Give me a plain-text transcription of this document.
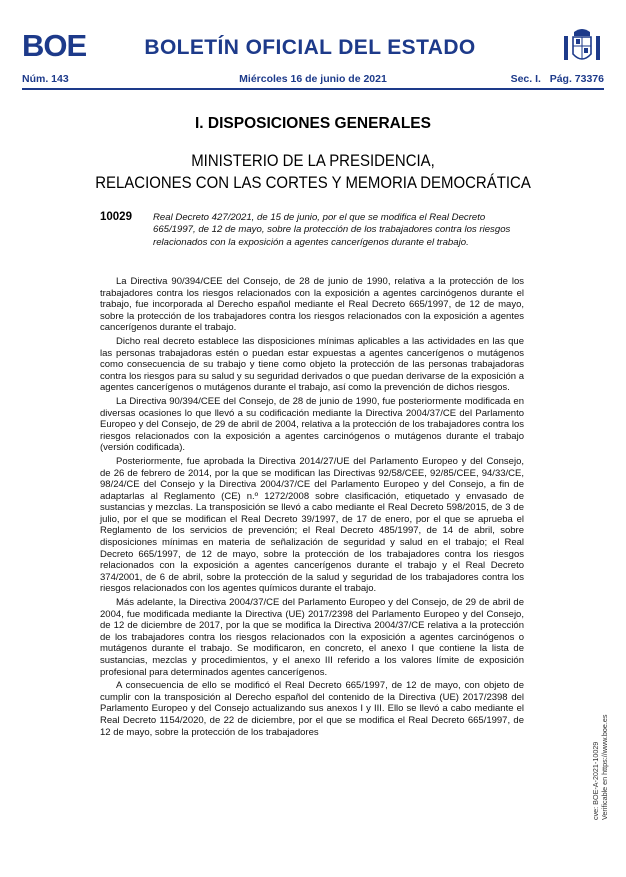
BOE	BOLETÍN OFICIAL DEL ESTADO
Miércoles 16 de junio de 2021
Núm. 143	Sec. I.   Pág. 73376
I. DISPOSICIONES GENERALES
MINISTERIO DE LA PRESIDENCIA,
RELACIONES CON LAS CORTES Y MEMORIA DEMOCRÁTICA
10029 Real Decreto 427/2021, de 15 de junio, por el que se modifica el Real Decreto 665/1997, de 12 de mayo, sobre la protección de los trabajadores contra los riesgos relacionados con la exposición a agentes cancerígenos durante el trabajo.

La Directiva 90/394/CEE del Consejo, de 28 de junio de 1990, relativa a la protección de los trabajadores contra los riesgos relacionados con la exposición a agentes carcinógenos durante el trabajo, fue incorporada al Derecho español mediante el Real Decreto 665/1997, de 12 de mayo, sobre la protección de los trabajadores contra los riesgos relacionados con la exposición a agentes cancerígenos durante el trabajo.

Dicho real decreto establece las disposiciones mínimas aplicables a las actividades en las que las personas trabajadoras estén o puedan estar expuestas a agentes cancerígenos o mutágenos como consecuencia de su trabajo y tiene como objeto la protección de las personas trabajadoras contra los riesgos para su salud y su seguridad derivados o que puedan derivarse de la exposición a agentes cancerígenos o mutágenos durante el trabajo, así como la prevención de dichos riesgos.

La Directiva 90/394/CEE del Consejo, de 28 de junio de 1990, fue posteriormente modificada en diversas ocasiones lo que llevó a su codificación mediante la Directiva 2004/37/CE del Parlamento Europeo y del Consejo, de 29 de abril de 2004, relativa a la protección de los trabajadores contra los riesgos relacionados con la exposición a agentes carcinógenos o mutágenos durante el trabajo (versión codificada).

Posteriormente, fue aprobada la Directiva 2014/27/UE del Parlamento Europeo y del Consejo, de 26 de febrero de 2014, por la que se modifican las Directivas 92/58/CEE, 92/85/CEE, 94/33/CE, 98/24/CE del Consejo y la Directiva 2004/37/CE del Parlamento Europeo y del Consejo, a fin de adaptarlas al Reglamento (CE) n.º 1272/2008 sobre clasificación, etiquetado y envasado de sustancias y mezclas. La transposición se llevó a cabo mediante el Real Decreto 598/2015, de 3 de julio, por el que se modifican el Real Decreto 39/1997, de 17 de enero, por el que se aprueba el Reglamento de los servicios de prevención; el Real Decreto 485/1997, de 14 de abril, sobre disposiciones mínimas en materia de señalización de seguridad y salud en el trabajo; el Real Decreto 665/1997, de 12 de mayo, sobre la protección de los trabajadores contra los riesgos relacionados con la exposición a agentes cancerígenos durante el trabajo y el Real Decreto 374/2001, de 6 de abril, sobre la protección de la salud y seguridad de los trabajadores contra los riesgos relacionados con los agentes químicos durante el trabajo.

Más adelante, la Directiva 2004/37/CE del Parlamento Europeo y del Consejo, de 29 de abril de 2004, fue modificada mediante la Directiva (UE) 2017/2398 del Parlamento Europeo y del Consejo, de 12 de diciembre de 2017, por la que se modifica la Directiva 2004/37/CE relativa a la protección de los trabajadores contra los riesgos relacionados con la exposición a agentes carcinógenos o mutágenos durante el trabajo. Se modificaron, en concreto, el anexo I que contiene la lista de sustancias, mezclas y procedimientos, y el anexo III referido a los valores límite de exposición profesional para determinados agentes cancerígenos.

A consecuencia de ello se modificó el Real Decreto 665/1997, de 12 de mayo, con objeto de cumplir con la transposición al Derecho español del contenido de la Directiva (UE) 2017/2398 del Parlamento Europeo y del Consejo actualizando sus anexos I y III. Ello se llevó a cabo mediante el Real Decreto 1154/2020, de 22 de diciembre, por el que se modifica el Real Decreto 665/1997, de 12 de mayo, sobre la protección de los trabajadores

cve: BOE-A-2021-10029 Verificable en https://www.boe.es
